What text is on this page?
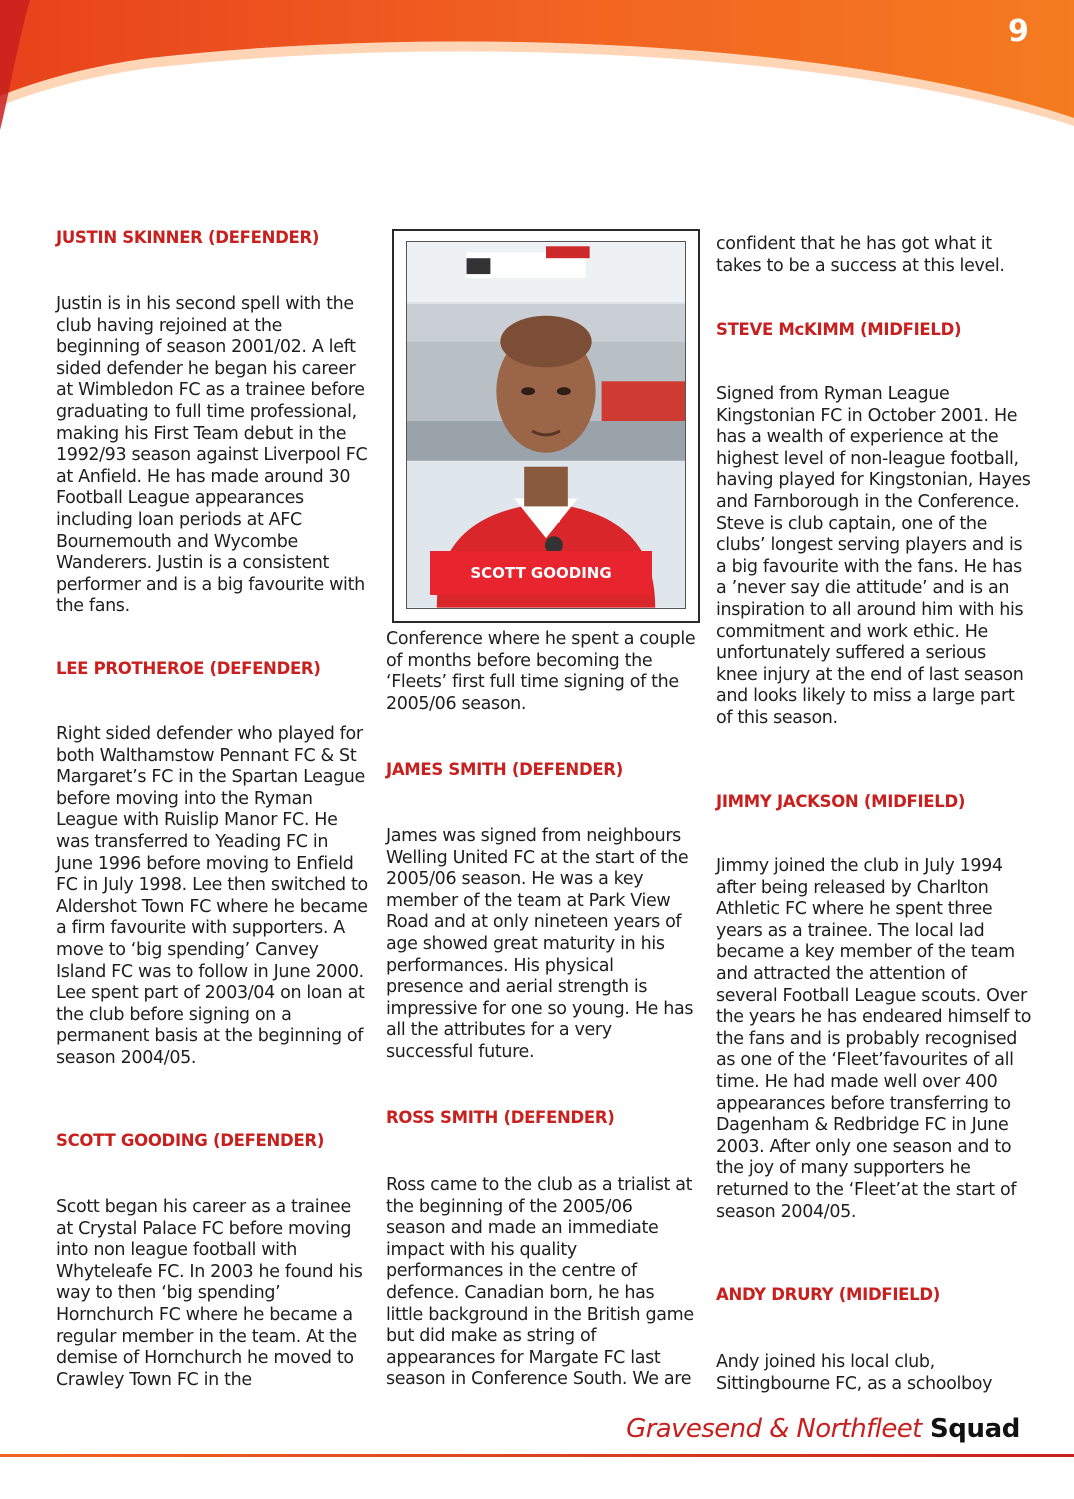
9
JUSTIN SKINNER (DEFENDER)

Justin is in his second spell with the club having rejoined at the beginning of season 2001/02. A left sided defender he began his career at Wimbledon FC as a trainee before graduating to full time professional, making his First Team debut in the 1992/93 season against Liverpool FC at Anfield. He has made around 30 Football League appearances including loan periods at AFC Bournemouth and Wycombe Wanderers. Justin is a consistent performer and is a big favourite with the fans.

LEE PROTHEROE (DEFENDER)

Right sided defender who played for both Walthamstow Pennant FC & St Margaret’s FC in the Spartan League before moving into the Ryman League with Ruislip Manor FC. He was transferred to Yeading FC in June 1996 before moving to Enfield FC in July 1998. Lee then switched to Aldershot Town FC where he became a firm favourite with supporters. A move to ‘big spending’ Canvey Island FC was to follow in June 2000. Lee spent part of 2003/04 on loan at the club before signing on a permanent basis at the beginning of season 2004/05.

SCOTT GOODING (DEFENDER)

Scott began his career as a trainee at Crystal Palace FC before moving into non league football with Whyteleafe FC. In 2003 he found his way to then ‘big spending’ Hornchurch FC where he became a regular member in the team. At the demise of Hornchurch he moved to Crawley Town FC in the

SCOTT GOODING

Conference where he spent a couple of months before becoming the ‘Fleets’ first full time signing of the 2005/06 season.

JAMES SMITH (DEFENDER)

James was signed from neighbours Welling United FC at the start of the 2005/06 season. He was a key member of the team at Park View Road and at only nineteen years of age showed great maturity in his performances. His physical presence and aerial strength is impressive for one so young. He has all the attributes for a very successful future.

ROSS SMITH (DEFENDER)

Ross came to the club as a trialist at the beginning of the 2005/06 season and made an immediate impact with his quality performances in the centre of defence. Canadian born, he has little background in the British game but did make as string of appearances for Margate FC last season in Conference South. We are

confident that he has got what it takes to be a success at this level.

STEVE McKIMM (MIDFIELD)

Signed from Ryman League Kingstonian FC in October 2001. He has a wealth of experience at the highest level of non-league football, having played for Kingstonian, Hayes and Farnborough in the Conference. Steve is club captain, one of the clubs’ longest serving players and is a big favourite with the fans. He has a ’never say die attitude’ and is an inspiration to all around him with his commitment and work ethic. He unfortunately suffered a serious knee injury at the end of last season and looks likely to miss a large part of this season.

JIMMY JACKSON (MIDFIELD)

Jimmy joined the club in July 1994 after being released by Charlton Athletic FC where he spent three years as a trainee. The local lad became a key member of the team and attracted the attention of several Football League scouts. Over the years he has endeared himself to the fans and is probably recognised as one of the ‘Fleet’favourites of all time. He had made well over 400 appearances before transferring to Dagenham & Redbridge FC in June 2003. After only one season and to the joy of many supporters he returned to the ‘Fleet’at the start of season 2004/05.

ANDY DRURY (MIDFIELD)

Andy joined his local club, Sittingbourne FC, as a schoolboy

Gravesend & Northfleet Squad
